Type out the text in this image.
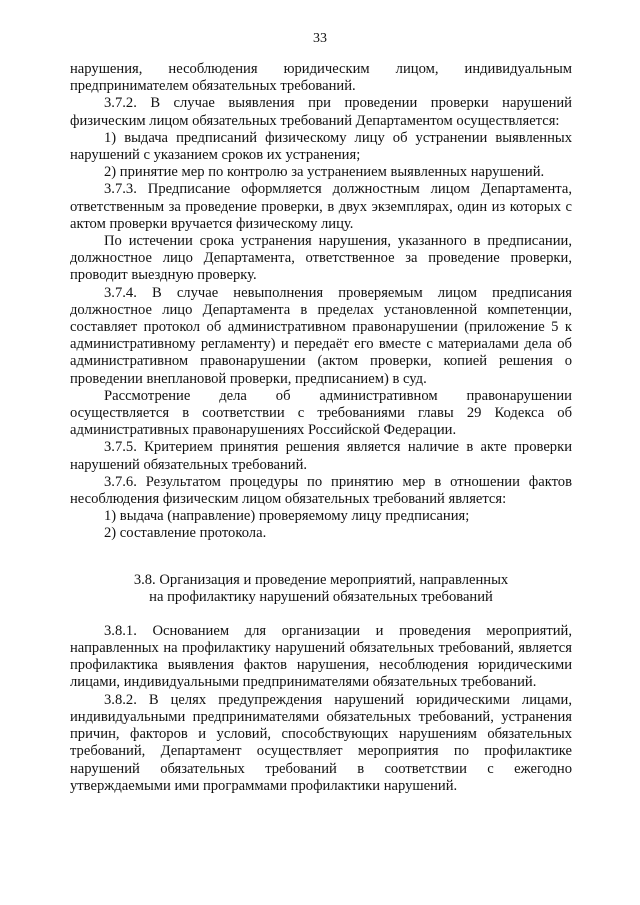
33

нарушения, несоблюдения юридическим лицом, индивидуальным предпринимателем обязательных требований.

3.7.2. В случае выявления при проведении проверки нарушений физическим лицом обязательных требований Департаментом осуществляется:

1) выдача предписаний физическому лицу об устранении выявленных нарушений с указанием сроков их устранения;

2) принятие мер по контролю за устранением выявленных нарушений.

3.7.3. Предписание оформляется должностным лицом Департамента, ответственным за проведение проверки, в двух экземплярах, один из которых с актом проверки вручается физическому лицу.

По истечении срока устранения нарушения, указанного в предписании, должностное лицо Департамента, ответственное за проведение проверки, проводит выездную проверку.

3.7.4. В случае невыполнения проверяемым лицом предписания должностное лицо Департамента в пределах установленной компетенции, составляет протокол об административном правонарушении (приложение 5 к административному регламенту) и передаёт его вместе с материалами дела об административном правонарушении (актом проверки, копией решения о проведении внеплановой проверки, предписанием) в суд.

Рассмотрение дела об административном правонарушении осуществляется в соответствии с требованиями главы 29 Кодекса об административных правонарушениях Российской Федерации.

3.7.5. Критерием принятия решения является наличие в акте проверки нарушений обязательных требований.

3.7.6. Результатом процедуры по принятию мер в отношении фактов несоблюдения физическим лицом обязательных требований является:

1) выдача (направление) проверяемому лицу предписания;

2) составление протокола.

3.8. Организация и проведение мероприятий, направленных
на профилактику нарушений обязательных требований

3.8.1. Основанием для организации и проведения мероприятий, направленных на профилактику нарушений обязательных требований, является профилактика выявления фактов нарушения, несоблюдения юридическими лицами, индивидуальными предпринимателями обязательных требований.

3.8.2. В целях предупреждения нарушений юридическими лицами, индивидуальными предпринимателями обязательных требований, устранения причин, факторов и условий, способствующих нарушениям обязательных требований, Департамент осуществляет мероприятия по профилактике нарушений обязательных требований в соответствии с ежегодно утверждаемыми ими программами профилактики нарушений.
